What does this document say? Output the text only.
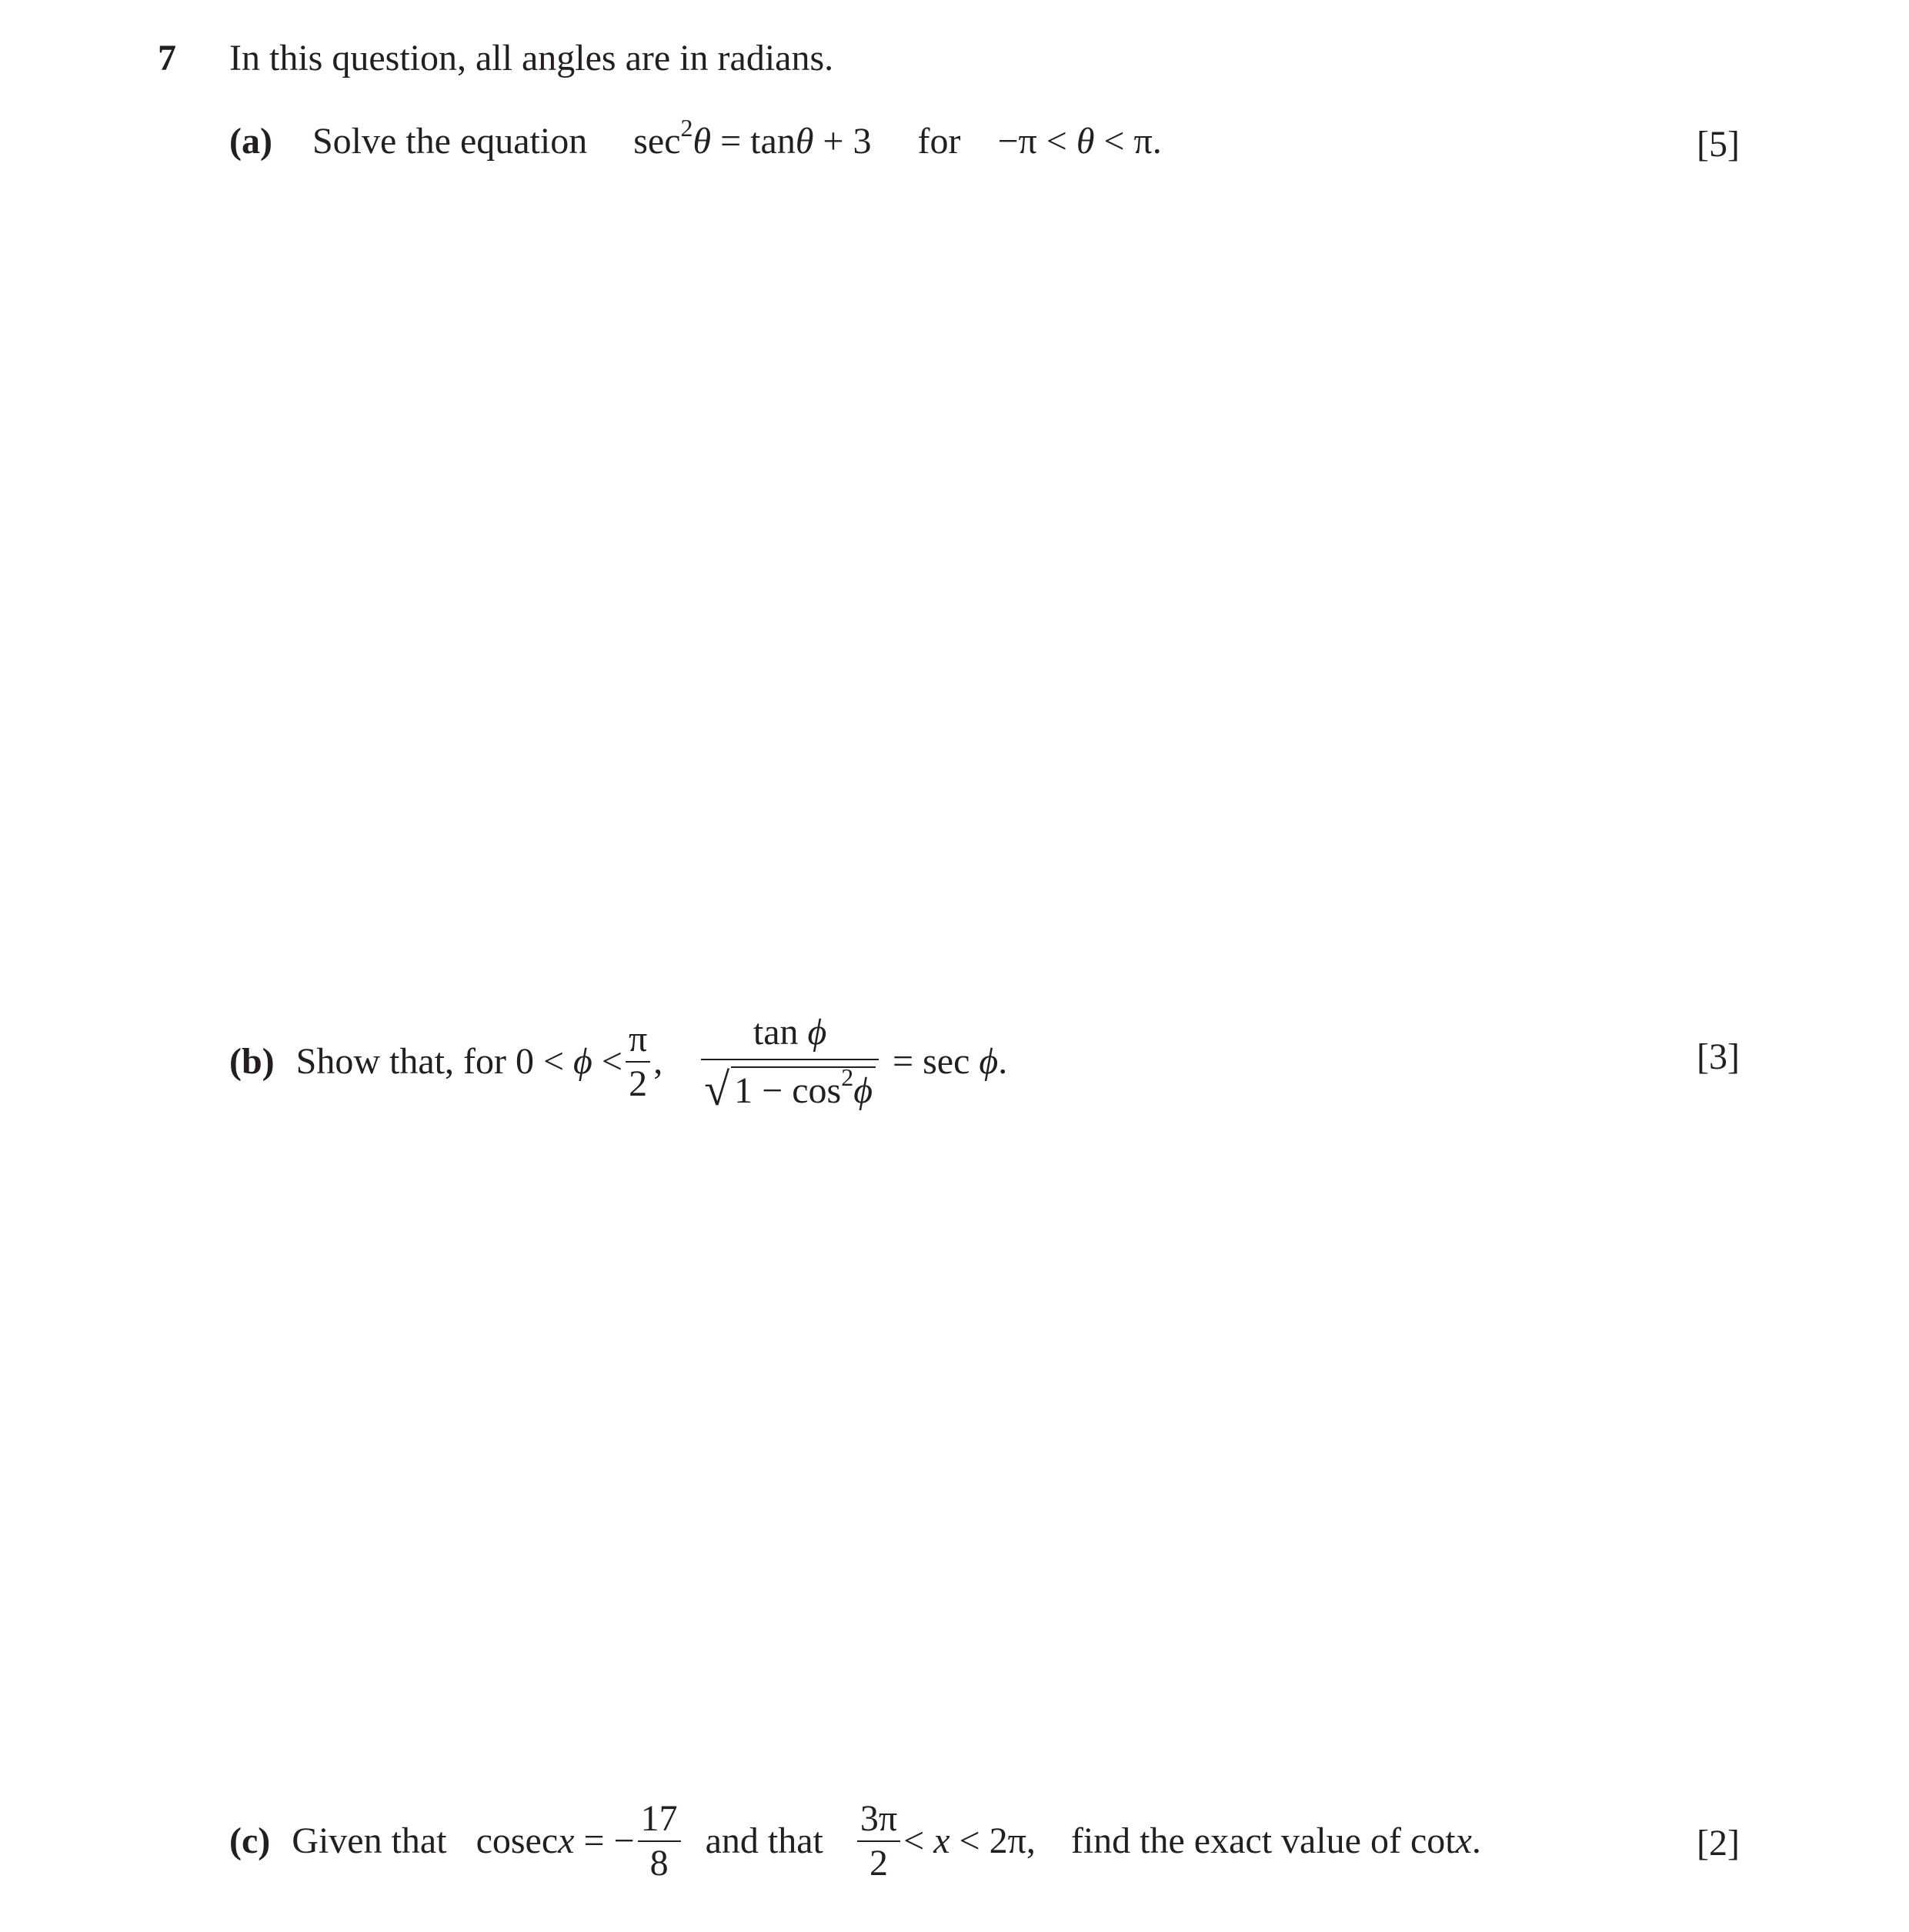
7 In this question, all angles are in radians.
(a) Solve the equation $\sec^2\theta = \tan\theta + 3$ for −π < θ < π.	[5]
(b) Show that, for $0 < \phi < \frac{\pi}{2}$ , $\frac{\text{tan ϕ}}{√ 1 - \cos^2\phi} = \sec \phi$.	[3]
(c) Given that cosecx = − $\frac{17}{8}$ and that $\frac{3\pi}{2} < x < 2\pi$, find the exact value of cotx.	[2]
